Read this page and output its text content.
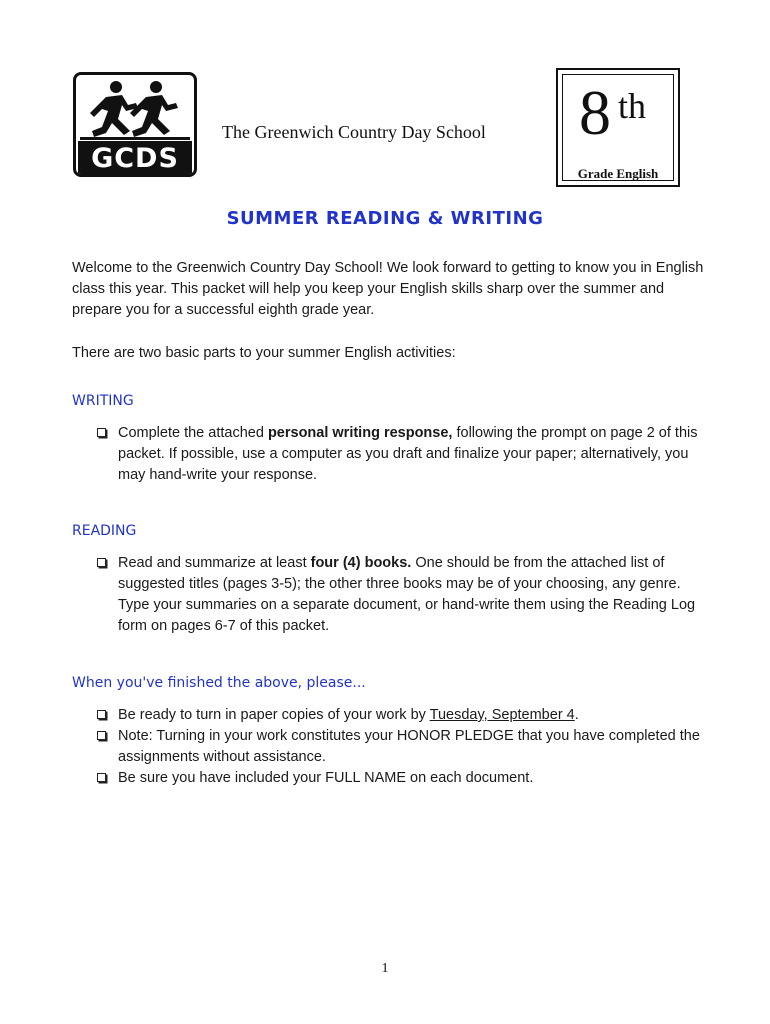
GCDS
The Greenwich Country Day School 8 th
Grade English
SUMMER READING & WRITING
Welcome to the Greenwich Country Day School! We look forward to getting to know you in English class this year. This packet will help you keep your English skills sharp over the summer and prepare you for a successful eighth grade year.
There are two basic parts to your summer English activities:
WRITING
Complete the attached personal writing response, following the prompt on page 2 of this packet. If possible, use a computer as you draft and finalize your paper; alternatively, you may hand-write your response.
READING
Read and summarize at least four (4) books. One should be from the attached list of suggested titles (pages 3-5); the other three books may be of your choosing, any genre. Type your summaries on a separate document, or hand-write them using the Reading Log form on pages 6-7 of this packet.
When you've finished the above, please...
Be ready to turn in paper copies of your work by Tuesday, September 4.
Note: Turning in your work constitutes your HONOR PLEDGE that you have completed the assignments without assistance.
Be sure you have included your FULL NAME on each document.
1
